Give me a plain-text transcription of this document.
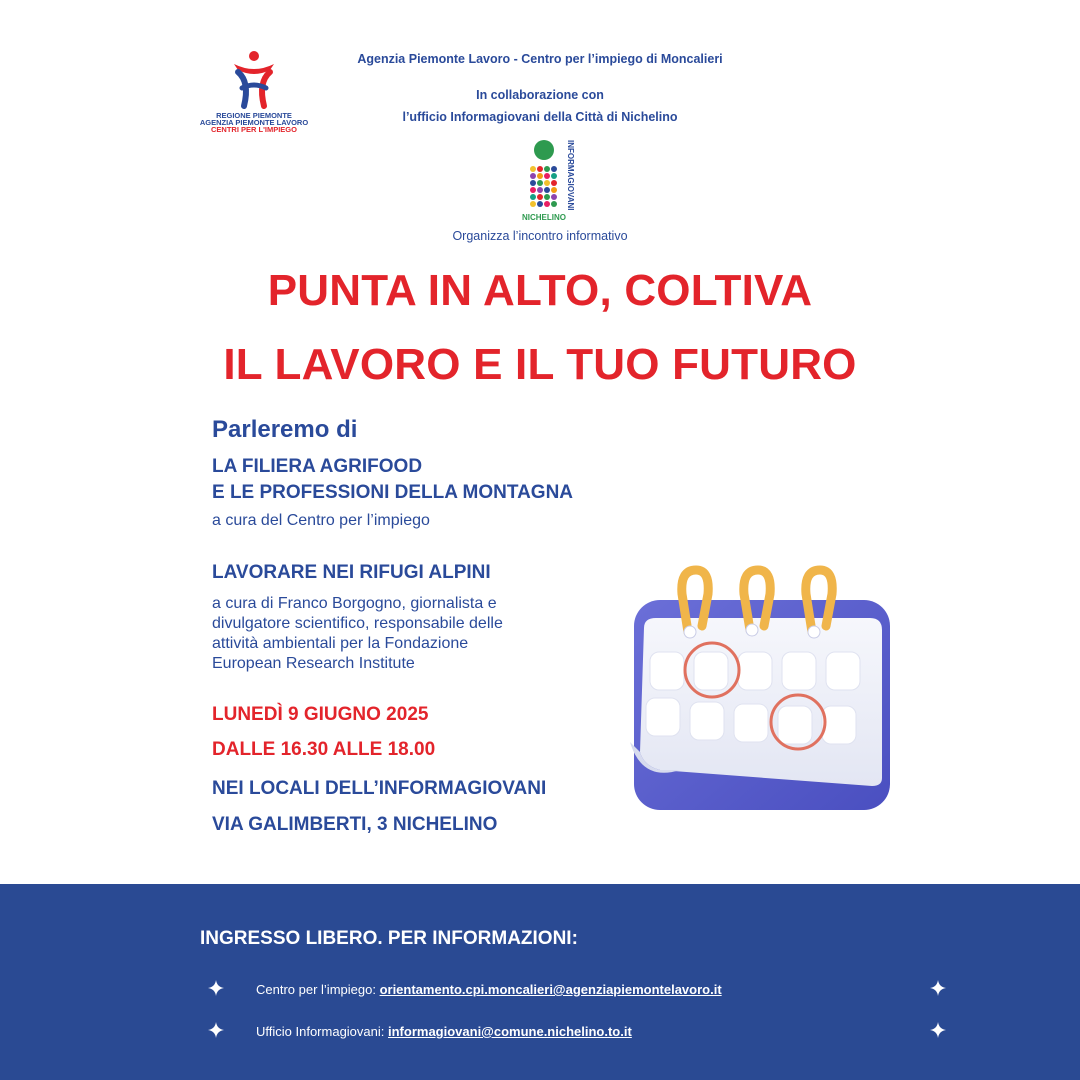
REGIONE PIEMONTE
AGENZIA PIEMONTE LAVORO
CENTRI PER L'IMPIEGO
Agenzia Piemonte Lavoro - Centro per l’impiego di Moncalieri
In collaborazione con
l’ufficio Informagiovani della Città di Nichelino
INFORMAGIOVANI
NICHELINO
Organizza l’incontro informativo
PUNTA IN ALTO, COLTIVA
IL LAVORO E IL TUO FUTURO
Parleremo di
LA FILIERA AGRIFOOD
E LE PROFESSIONI DELLA MONTAGNA
a cura del Centro per l’impiego
LAVORARE NEI RIFUGI ALPINI
a cura di Franco Borgogno, giornalista e
divulgatore scientifico, responsabile delle
attività ambientali per la Fondazione
European Research Institute
LUNEDÌ 9 GIUGNO 2025
DALLE 16.30 ALLE 18.00
NEI LOCALI DELL’INFORMAGIOVANI
VIA GALIMBERTI, 3 NICHELINO
INGRESSO LIBERO. PER INFORMAZIONI:
Centro per l’impiego: orientamento.cpi.moncalieri@agenziapiemontelavoro.it
Ufficio Informagiovani: informagiovani@comune.nichelino.to.it
